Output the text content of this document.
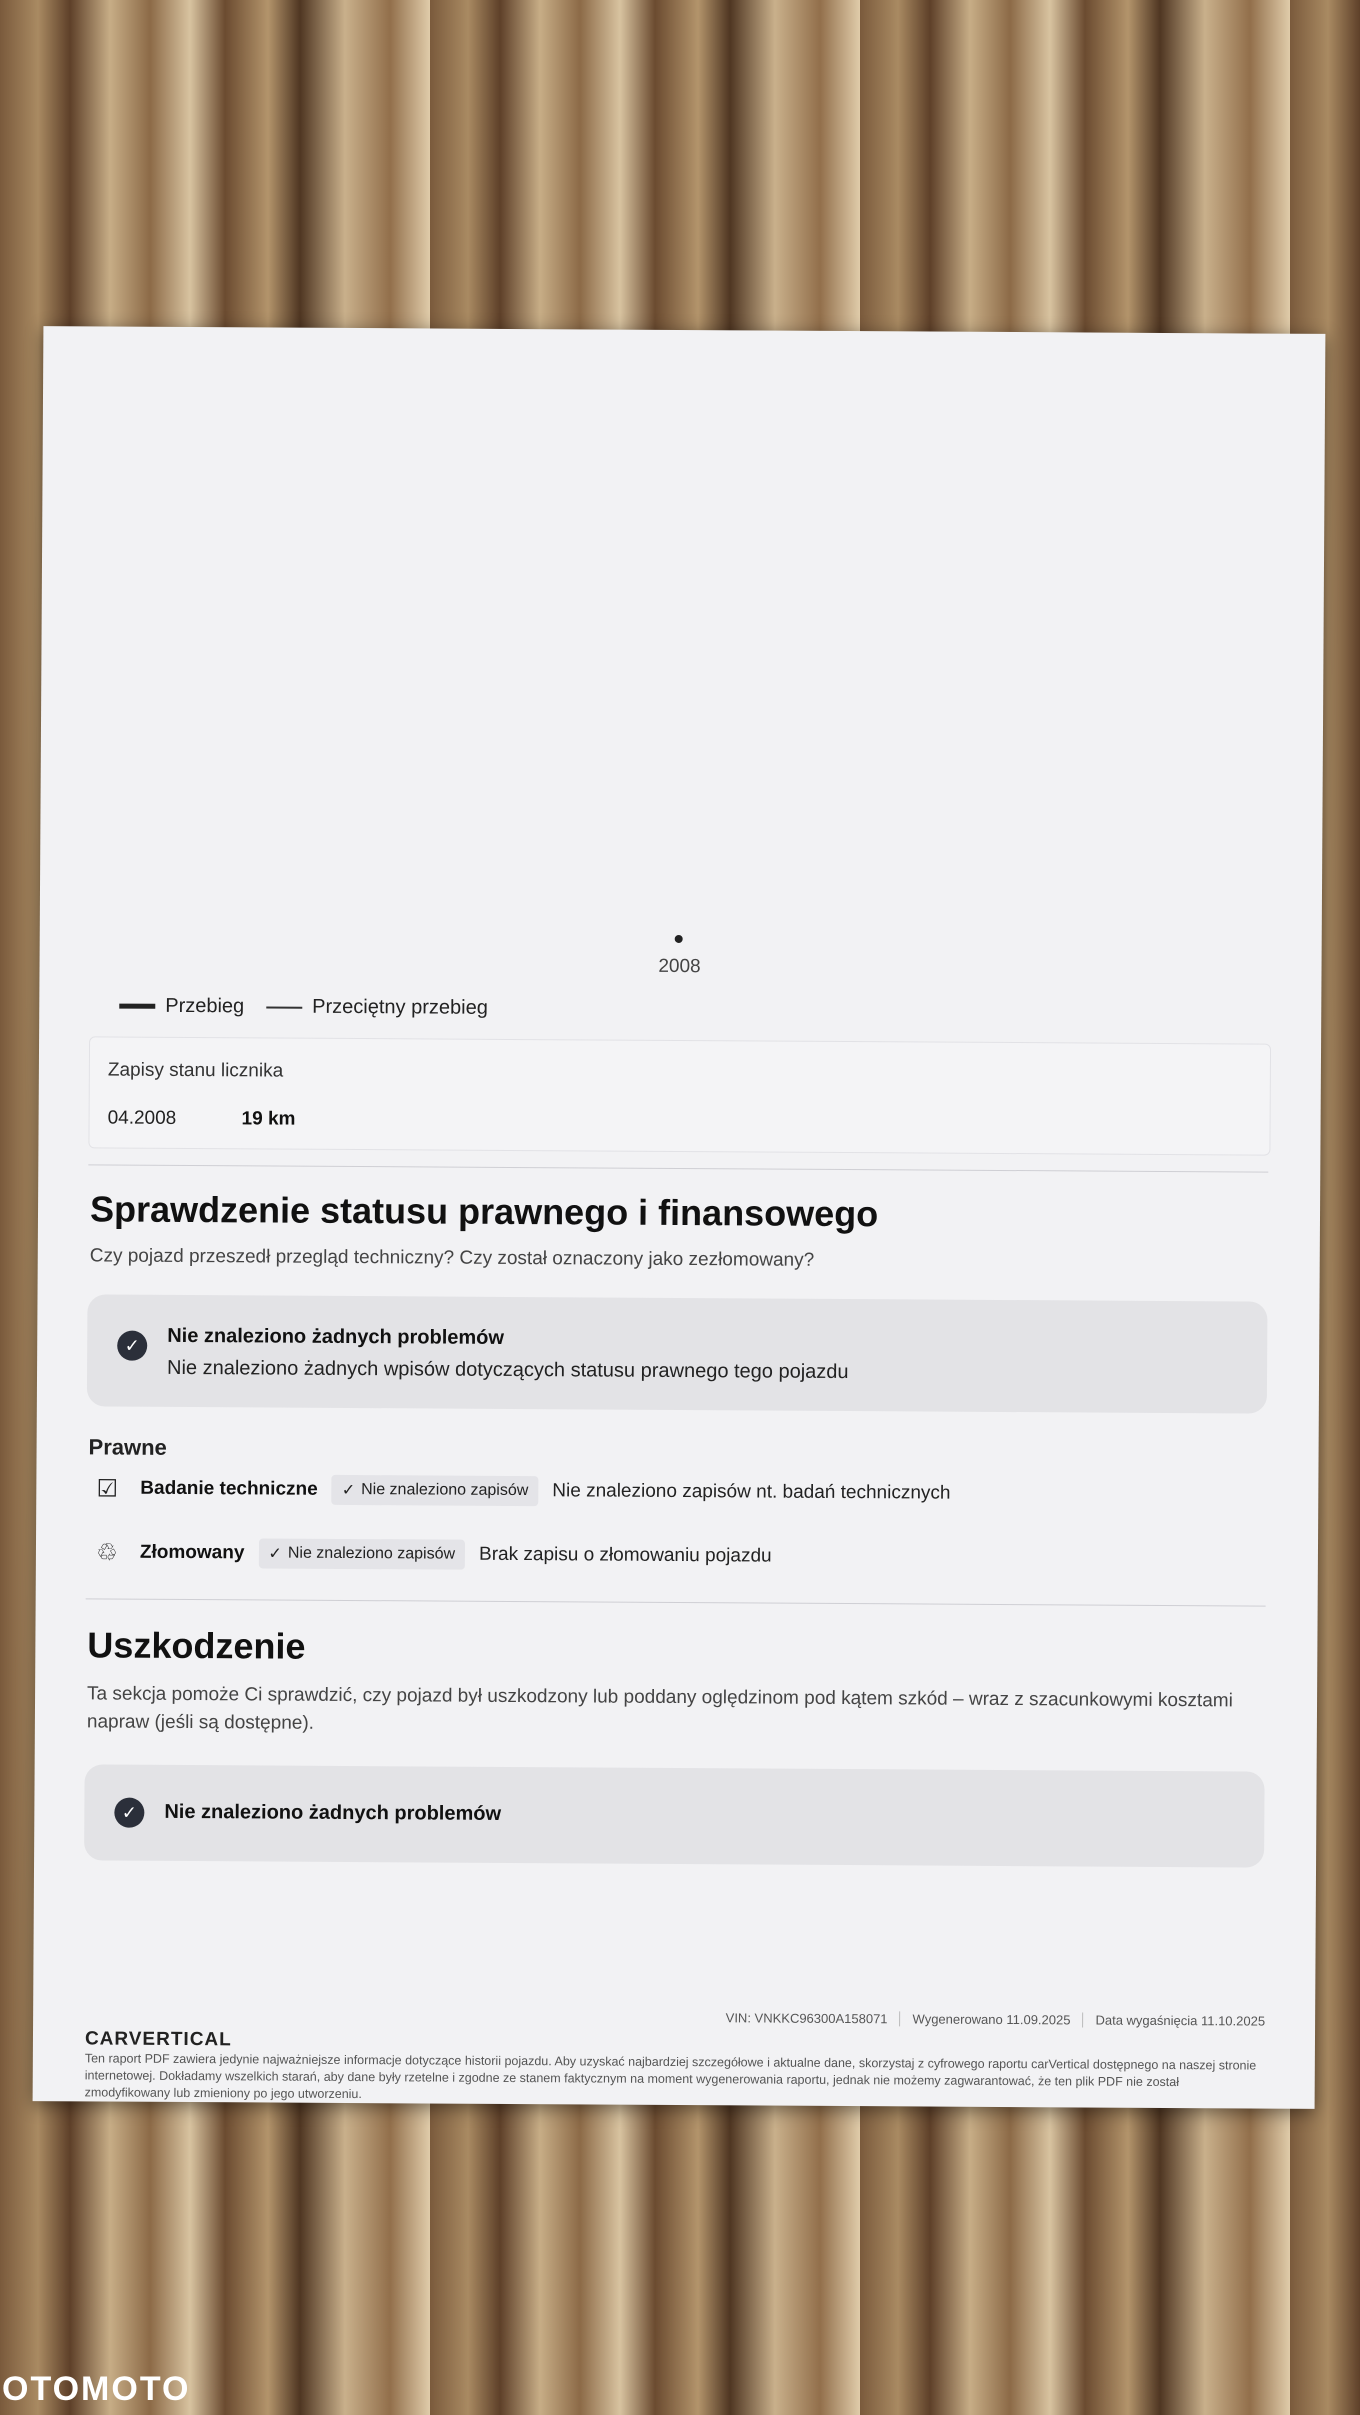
2008
Przebieg	Przeciętny przebieg
Zapisy stanu licznika
04.2008	19 km
Sprawdzenie statusu prawnego i finansowego
Czy pojazd przeszedł przegląd techniczny? Czy został oznaczony jako zezłomowany?
✓	Nie znaleziono żadnych problemów
Nie znaleziono żadnych wpisów dotyczących statusu prawnego tego pojazdu
Prawne
☑	Badanie techniczne ✓ Nie znaleziono zapisów Nie znaleziono zapisów nt. badań technicznych
♲	Złomowany ✓ Nie znaleziono zapisów Brak zapisu o złomowaniu pojazdu
Uszkodzenie
Ta sekcja pomoże Ci sprawdzić, czy pojazd był uszkodzony lub poddany oględzinom pod kątem szkód – wraz z szacunkowymi kosztami napraw (jeśli są dostępne).
✓	Nie znaleziono żadnych problemów
CARVERTICAL
VIN: VNKKC96300A158071	Wygenerowano 11.09.2025	Data wygaśnięcia 11.10.2025
Ten raport PDF zawiera jedynie najważniejsze informacje dotyczące historii pojazdu. Aby uzyskać najbardziej szczegółowe i aktualne dane, skorzystaj z cyfrowego raportu carVertical dostępnego na naszej stronie internetowej. Dokładamy wszelkich starań, aby dane były rzetelne i zgodne ze stanem faktycznym na moment wygenerowania raportu, jednak nie możemy zagwarantować, że ten plik PDF nie został zmodyfikowany lub zmieniony po jego utworzeniu.
OTOMOTO
